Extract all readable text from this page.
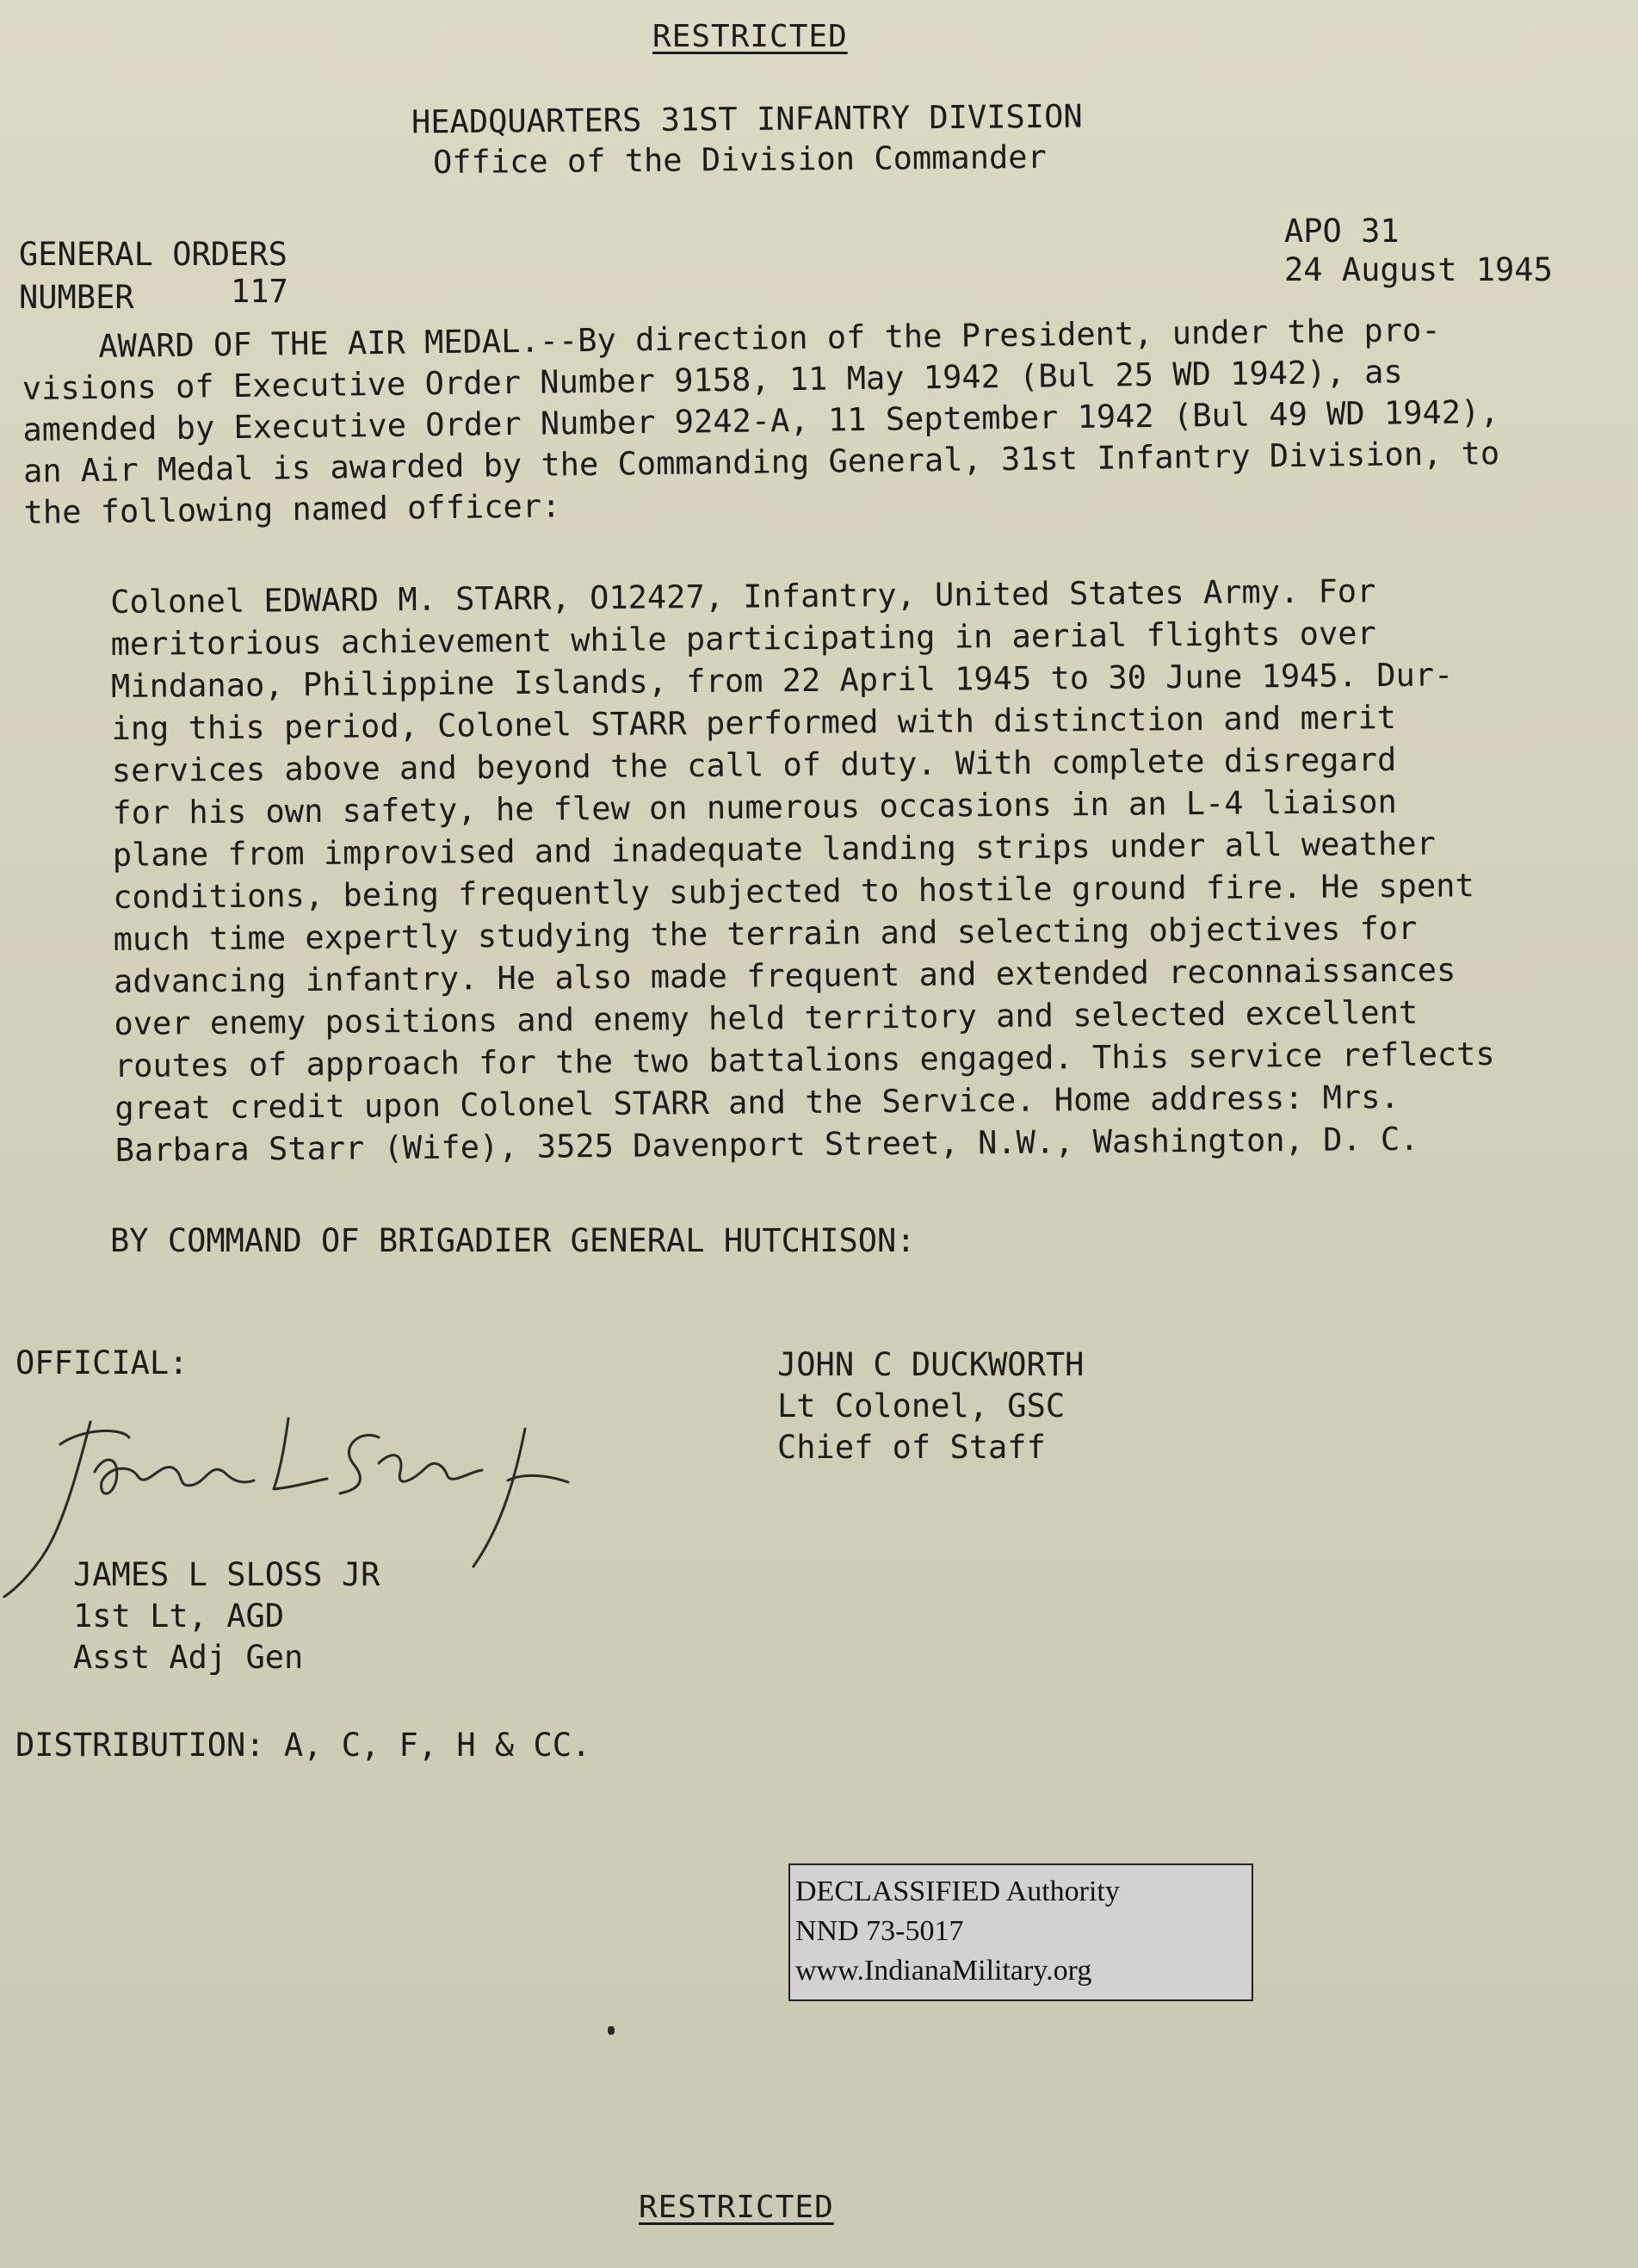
RESTRICTED
HEADQUARTERS 31ST INFANTRY DIVISION
Office of the Division Commander
GENERAL ORDERS
NUMBER	117
APO 31
24 August 1945
AWARD OF THE AIR MEDAL.--By direction of the President, under the pro-
visions of Executive Order Number 9158, 11 May 1942 (Bul 25 WD 1942), as
amended by Executive Order Number 9242-A, 11 September 1942 (Bul 49 WD 1942),
an Air Medal is awarded by the Commanding General, 31st Infantry Division, to
the following named officer:
Colonel EDWARD M. STARR, O12427, Infantry, United States Army. For
meritorious achievement while participating in aerial flights over
Mindanao, Philippine Islands, from 22 April 1945 to 30 June 1945. Dur-
ing this period, Colonel STARR performed with distinction and merit
services above and beyond the call of duty. With complete disregard
for his own safety, he flew on numerous occasions in an L-4 liaison
plane from improvised and inadequate landing strips under all weather
conditions, being frequently subjected to hostile ground fire. He spent
much time expertly studying the terrain and selecting objectives for
advancing infantry. He also made frequent and extended reconnaissances
over enemy positions and enemy held territory and selected excellent
routes of approach for the two battalions engaged. This service reflects
great credit upon Colonel STARR and the Service. Home address: Mrs.
Barbara Starr (Wife), 3525 Davenport Street, N.W., Washington, D. C.
BY COMMAND OF BRIGADIER GENERAL HUTCHISON:
OFFICIAL:	JOHN C DUCKWORTH
Lt Colonel, GSC
Chief of Staff
JAMES L SLOSS JR
1st Lt, AGD
Asst Adj Gen
DISTRIBUTION: A, C, F, H & CC.
DECLASSIFIED Authority
NND 73-5017
www.IndianaMilitary.org
RESTRICTED
